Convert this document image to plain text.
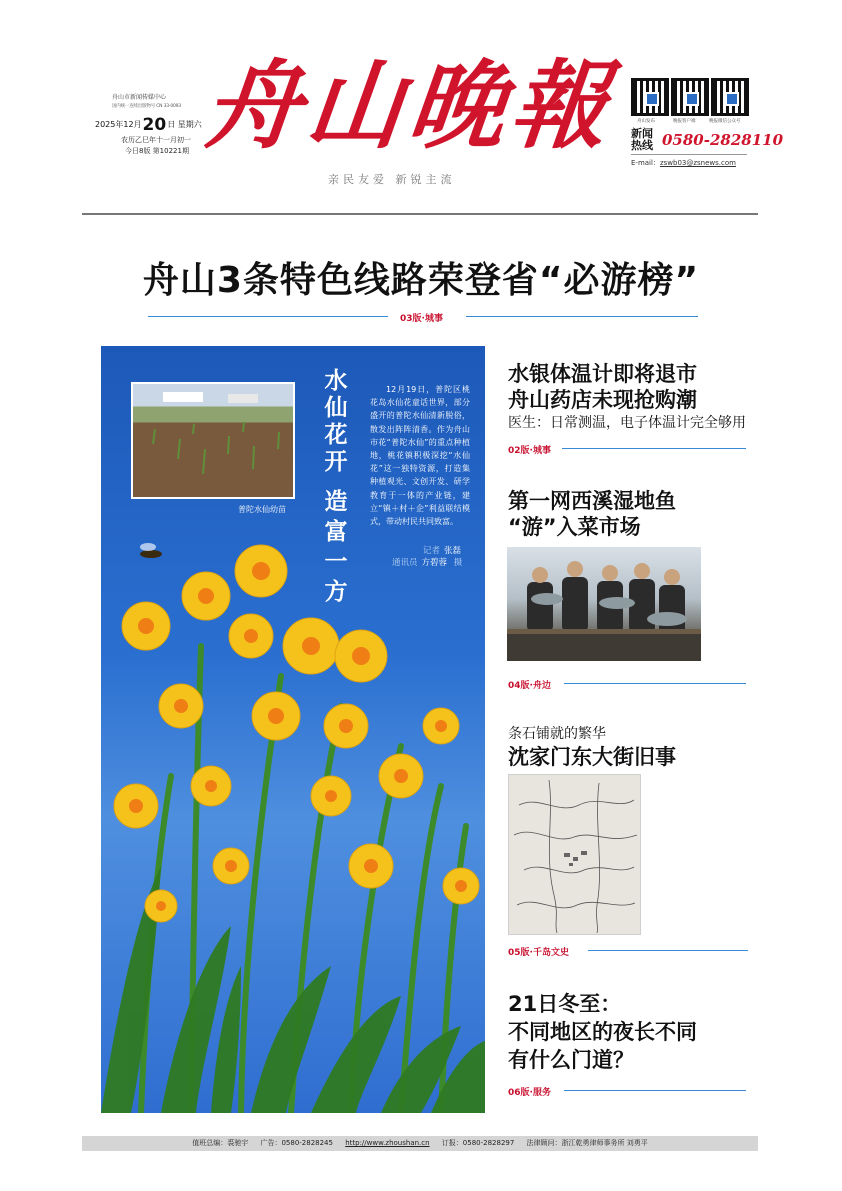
舟山市新闻传媒中心
国内统一连续出版物号 CN 33-0093
2025年12月20日 星期六
农历乙巳年十一月初一
今日8版 第10221期 舟山晚報
亲民友爱 新锐主流
舟山发布	晚报客户端	晚报微信公众号
新闻热线 0580-2828110
E-mail：zswb03@zsnews.com
舟山3条特色线路荣登省“必游榜”
03版·城事
普陀水仙幼苗
水仙花开
造富一方
12月19日，普陀区桃花岛水仙花童话世界，部分盛开的普陀水仙清新脱俗，散发出阵阵清香。作为舟山市花“普陀水仙”的重点种植地，桃花镇积极深挖“水仙花”这一独特资源，打造集种植观光、文创开发、研学教育于一体的产业链，建立“镇＋村＋企”利益联结模式，带动村民共同致富。
记者 张磊
通讯员 方碧蓉 摄
水银体温计即将退市
舟山药店未现抢购潮
医生：日常测温，电子体温计完全够用
02版·城事
第一网西溪湿地鱼
“游”入菜市场
04版·舟边
条石铺就的繁华
沈家门东大街旧事
05版·千岛文史
21日冬至：
不同地区的夜长不同
有什么门道？
06版·服务
值班总编：裘驰宇 广告：0580-2828245 http://www.zhoushan.cn 订报：0580-2828297 法律顾问：浙江乾勇律师事务所 刘勇平
